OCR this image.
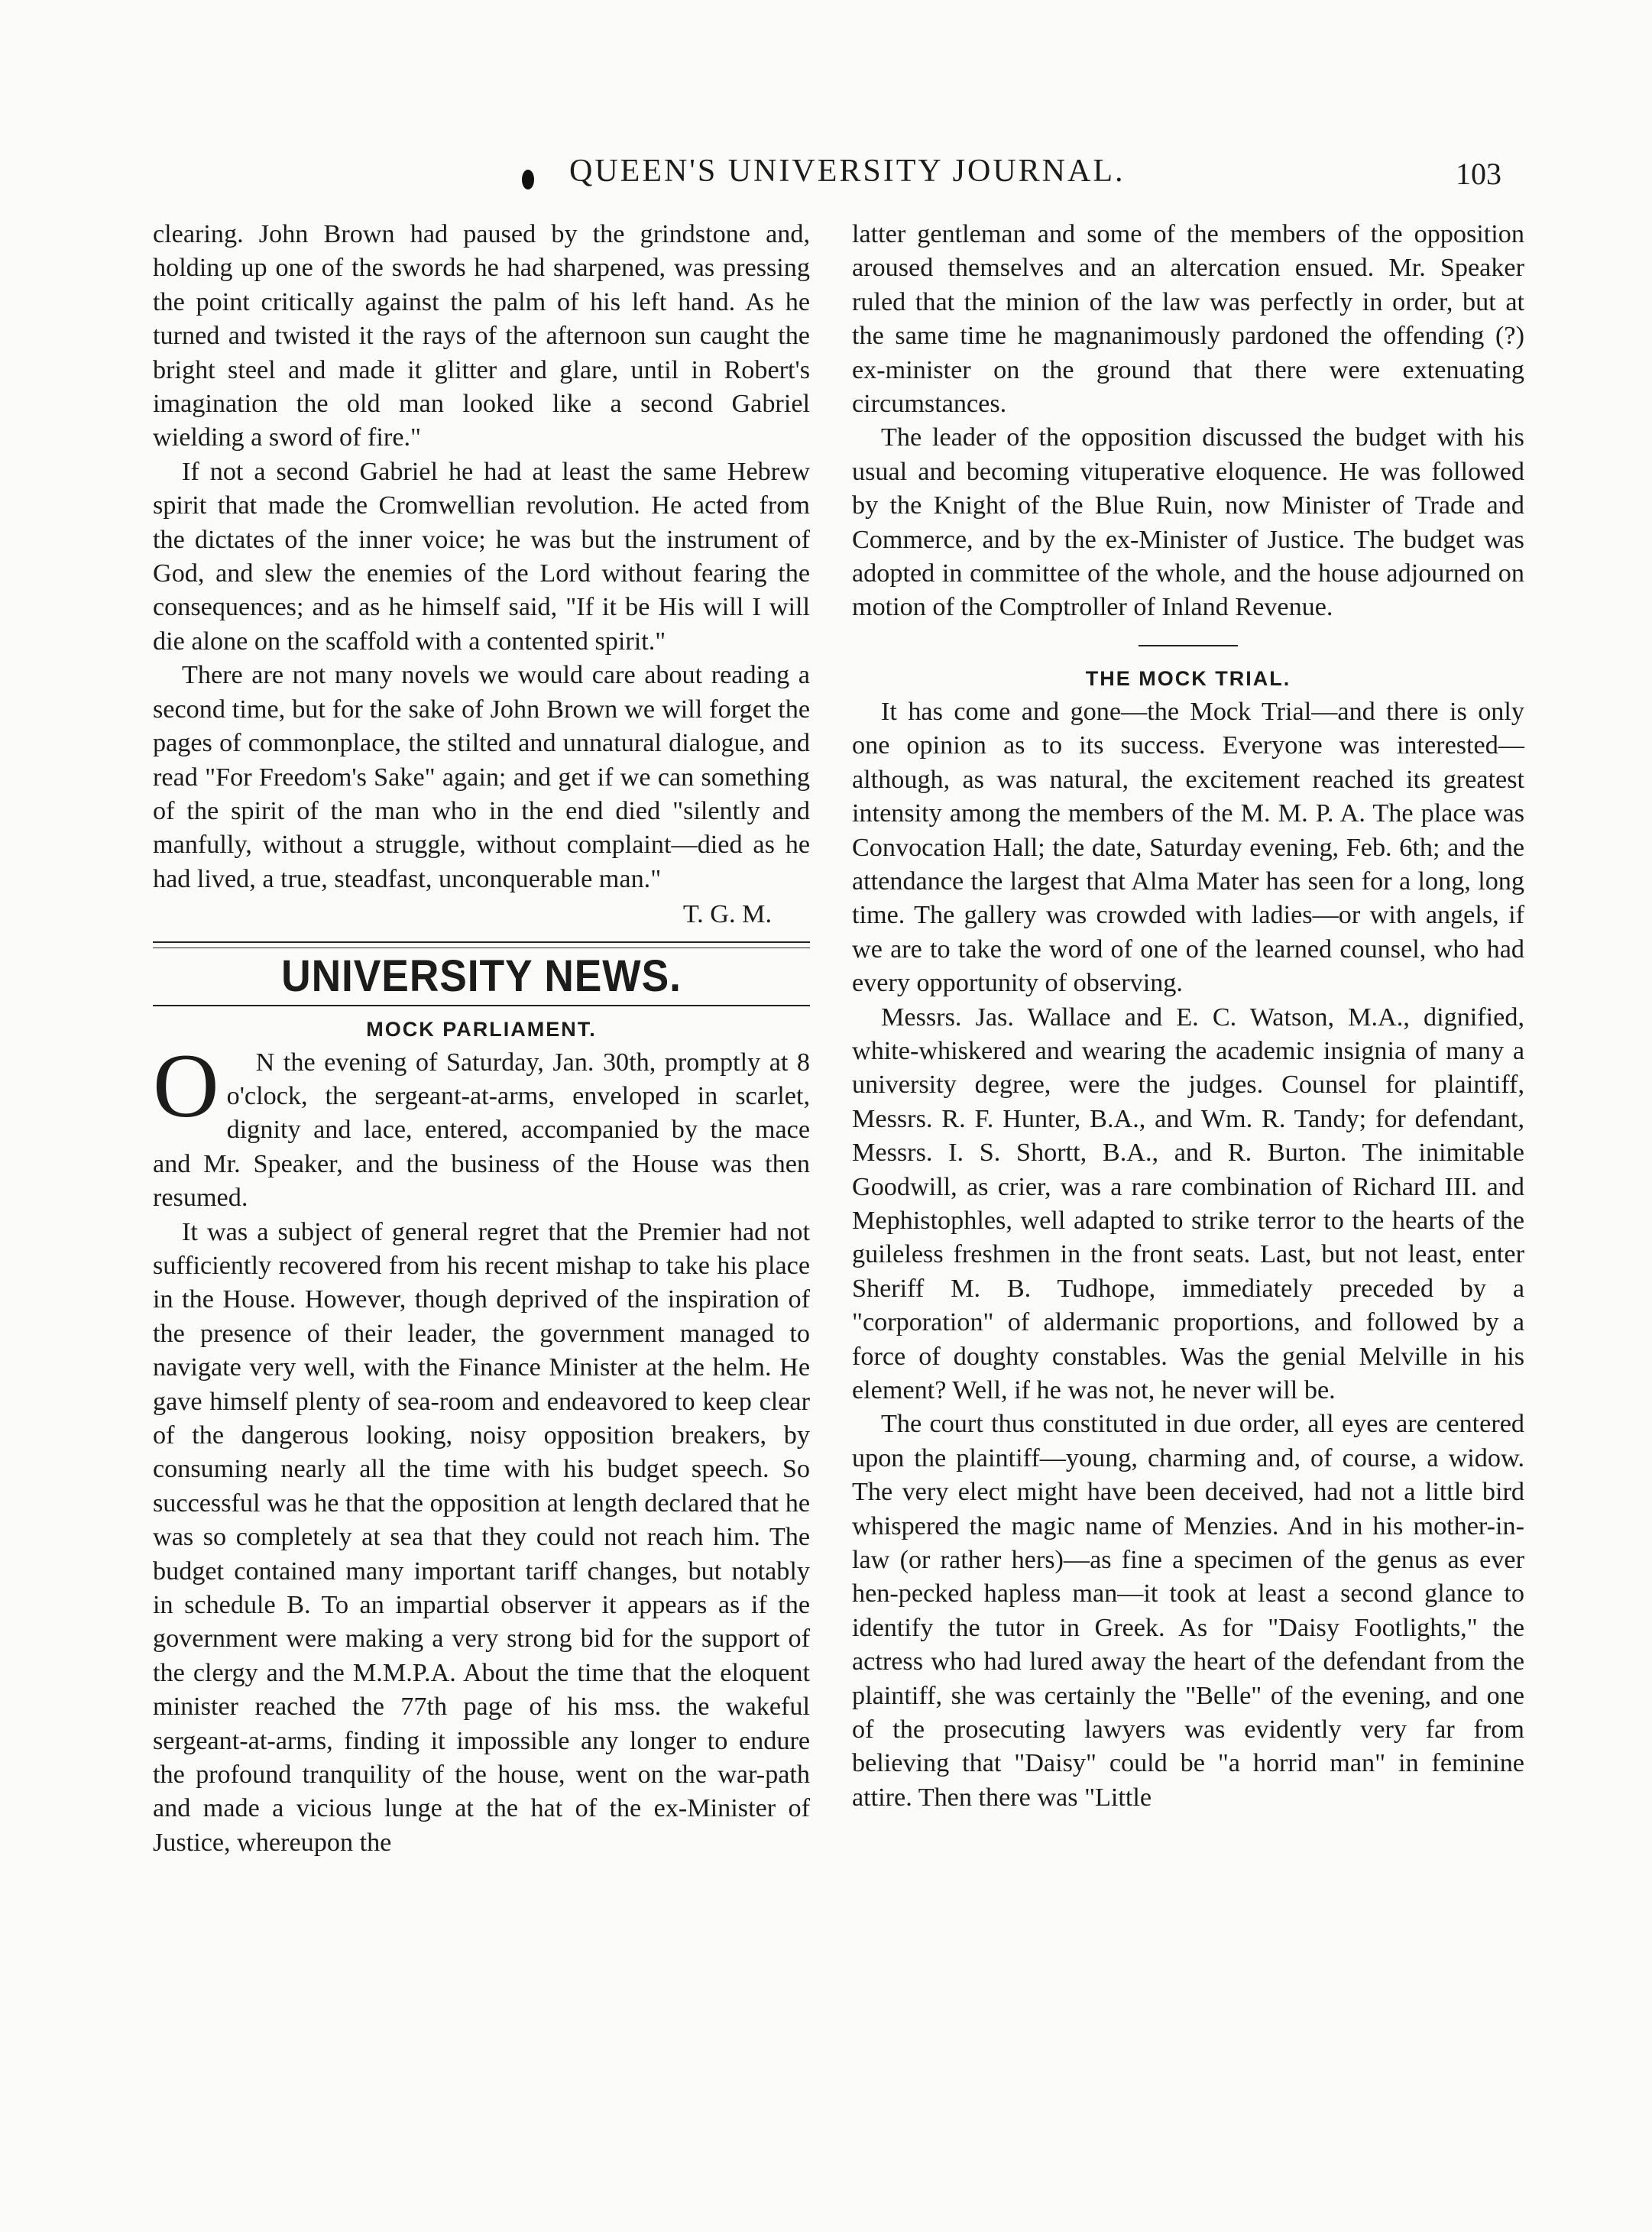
QUEEN'S UNIVERSITY JOURNAL.	103

clearing. John Brown had paused by the grindstone and, holding up one of the swords he had sharpened, was pressing the point critically against the palm of his left hand. As he turned and twisted it the rays of the afternoon sun caught the bright steel and made it glitter and glare, until in Robert's imagination the old man looked like a second Gabriel wielding a sword of fire."

If not a second Gabriel he had at least the same Hebrew spirit that made the Cromwellian revolution. He acted from the dictates of the inner voice; he was but the instrument of God, and slew the enemies of the Lord without fearing the consequences; and as he himself said, "If it be His will I will die alone on the scaffold with a contented spirit."

There are not many novels we would care about reading a second time, but for the sake of John Brown we will forget the pages of commonplace, the stilted and unnatural dialogue, and read "For Freedom's Sake" again; and get if we can something of the spirit of the man who in the end died "silently and manfully, without a struggle, without complaint—died as he had lived, a true, steadfast, unconquerable man."

T. G. M.
UNIVERSITY NEWS.
MOCK PARLIAMENT.

O N the evening of Saturday, Jan. 30th, promptly at 8 o'clock, the sergeant-at-arms, enveloped in scarlet, dignity and lace, entered, accompanied by the mace and Mr. Speaker, and the business of the House was then resumed.

It was a subject of general regret that the Premier had not sufficiently recovered from his recent mishap to take his place in the House. However, though deprived of the inspiration of the presence of their leader, the government managed to navigate very well, with the Finance Minister at the helm. He gave himself plenty of sea-room and endeavored to keep clear of the dangerous looking, noisy opposition breakers, by consuming nearly all the time with his budget speech. So successful was he that the opposition at length declared that he was so completely at sea that they could not reach him. The budget contained many important tariff changes, but notably in schedule B. To an impartial observer it appears as if the government were making a very strong bid for the support of the clergy and the M.M.P.A. About the time that the eloquent minister reached the 77th page of his mss. the wakeful sergeant-at-arms, finding it impossible any longer to endure the profound tranquility of the house, went on the war-path and made a vicious lunge at the hat of the ex-Minister of Justice, whereupon the

latter gentleman and some of the members of the opposition aroused themselves and an altercation ensued. Mr. Speaker ruled that the minion of the law was perfectly in order, but at the same time he magnanimously pardoned the offending (?) ex-minister on the ground that there were extenuating circumstances.

The leader of the opposition discussed the budget with his usual and becoming vituperative eloquence. He was followed by the Knight of the Blue Ruin, now Minister of Trade and Commerce, and by the ex-Minister of Justice. The budget was adopted in committee of the whole, and the house adjourned on motion of the Comptroller of Inland Revenue.

THE MOCK TRIAL.

It has come and gone—the Mock Trial—and there is only one opinion as to its success. Everyone was interested—although, as was natural, the excitement reached its greatest intensity among the members of the M. M. P. A. The place was Convocation Hall; the date, Saturday evening, Feb. 6th; and the attendance the largest that Alma Mater has seen for a long, long time. The gallery was crowded with ladies—or with angels, if we are to take the word of one of the learned counsel, who had every opportunity of observing.

Messrs. Jas. Wallace and E. C. Watson, M.A., dignified, white-whiskered and wearing the academic insignia of many a university degree, were the judges. Counsel for plaintiff, Messrs. R. F. Hunter, B.A., and Wm. R. Tandy; for defendant, Messrs. I. S. Shortt, B.A., and R. Burton. The inimitable Goodwill, as crier, was a rare combination of Richard III. and Mephistophles, well adapted to strike terror to the hearts of the guileless freshmen in the front seats. Last, but not least, enter Sheriff M. B. Tudhope, immediately preceded by a "corporation" of aldermanic proportions, and followed by a force of doughty constables. Was the genial Melville in his element? Well, if he was not, he never will be.

The court thus constituted in due order, all eyes are centered upon the plaintiff—young, charming and, of course, a widow. The very elect might have been deceived, had not a little bird whispered the magic name of Menzies. And in his mother-in-law (or rather hers)—as fine a specimen of the genus as ever hen-pecked hapless man—it took at least a second glance to identify the tutor in Greek. As for "Daisy Footlights," the actress who had lured away the heart of the defendant from the plaintiff, she was certainly the "Belle" of the evening, and one of the prosecuting lawyers was evidently very far from believing that "Daisy" could be "a horrid man" in feminine attire. Then there was "Little
